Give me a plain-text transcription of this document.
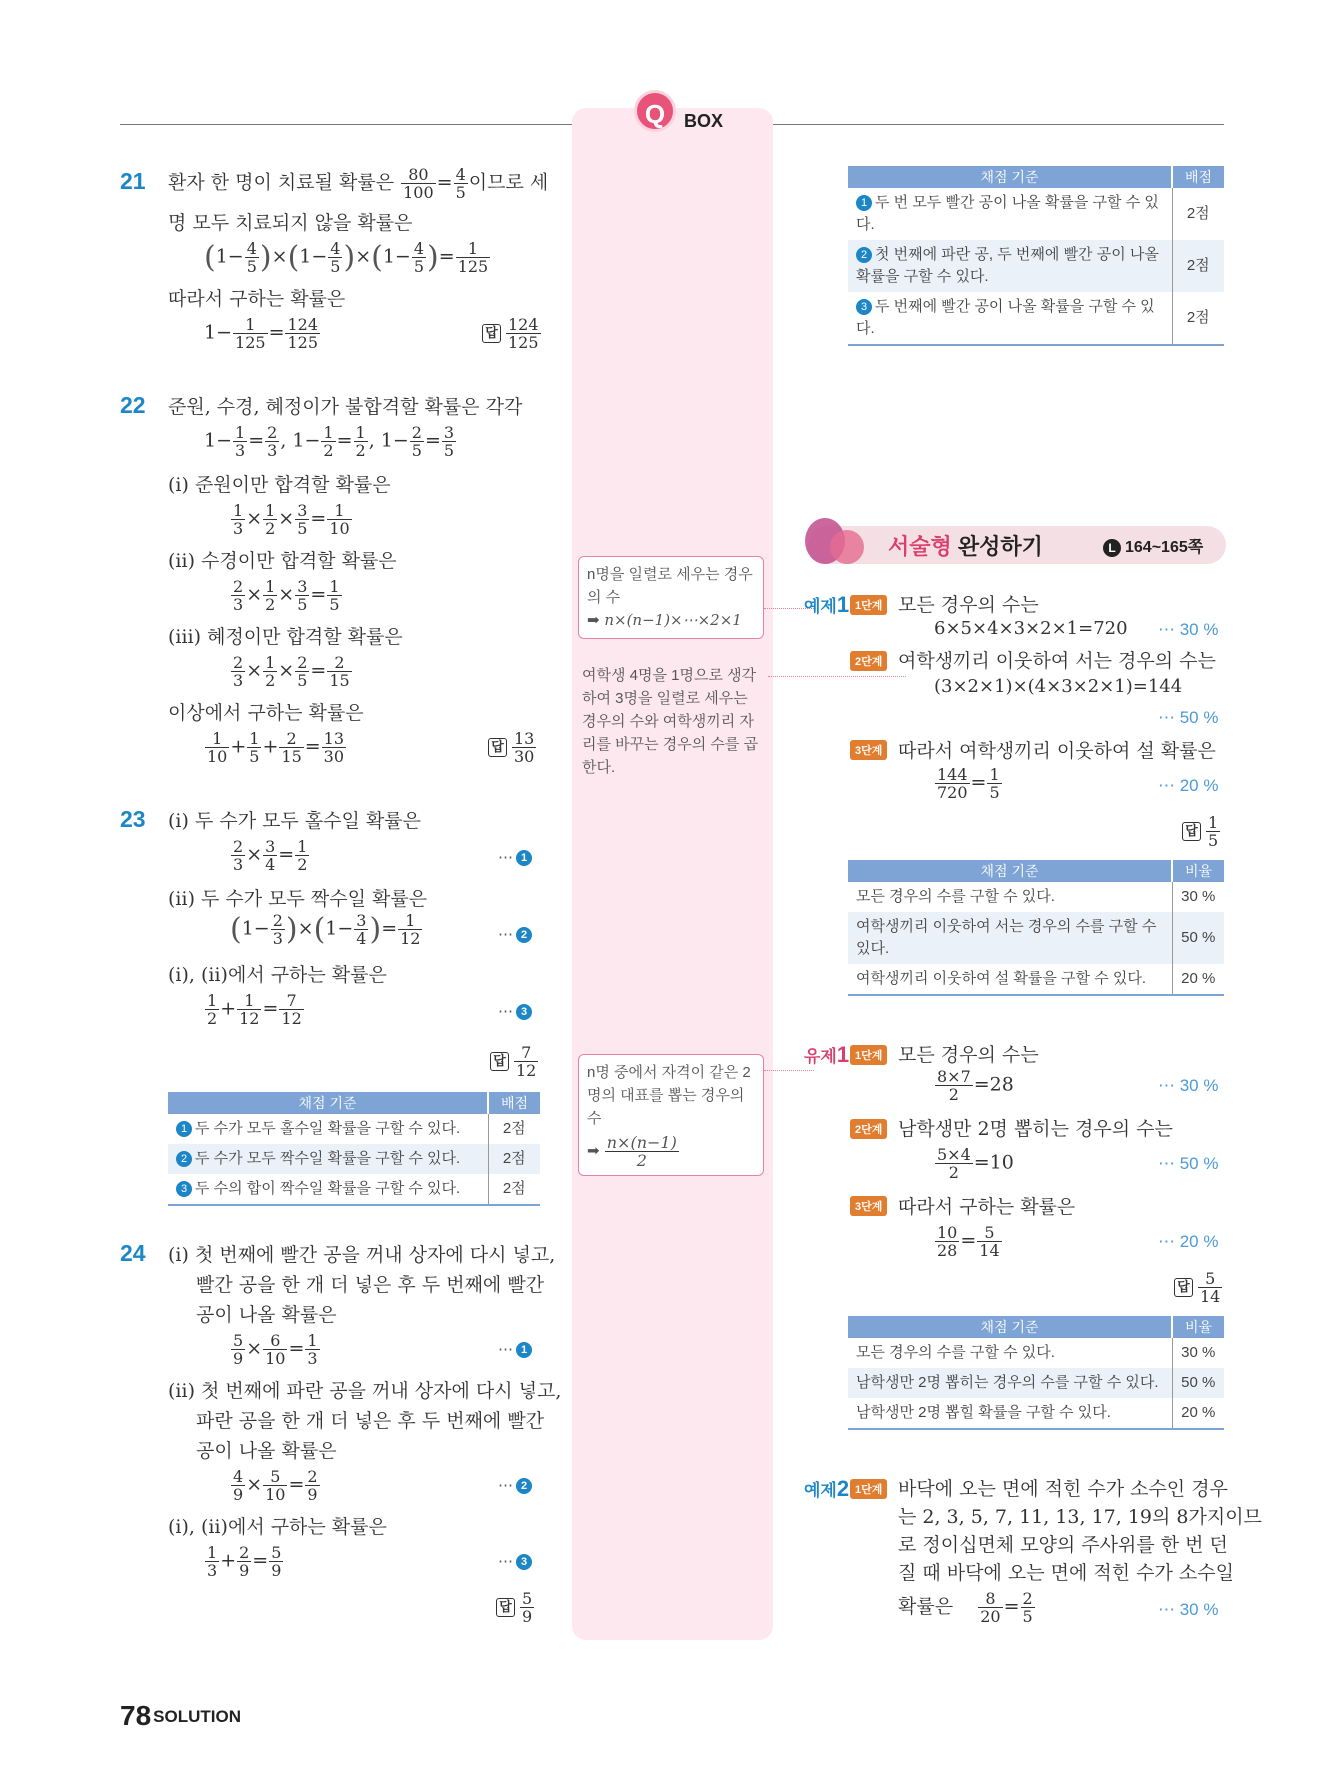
Q	BOX
21 환자 한 명이 치료될 확률은 $\frac{80}{100} = \frac{4}{5}$ 이므로 세
명 모두 치료되지 않을 확률은
$(1- \frac{4}{5} )\times(1- \frac{4}{5} )\times(1- \frac{4}{5}$ )= $\frac{1}{125}$
따라서 구하는 확률은
$1- \frac{1}{125} = \frac{124}{125}$	답 $\frac{124}{125}$
22 준원, 수경, 혜정이가 불합격할 확률은 각각
$1- \frac{1}{3} = \frac{2}{3}$ , $1- \frac{1}{2} = \frac{1}{2}$ , $1- \frac{2}{5} = \frac{3}{5}$
(ⅰ) 준원이만 합격할 확률은
$\frac{1}{3} \times \frac{1}{2} \times \frac{3}{5} = \frac{1}{10}$
(ⅱ) 수경이만 합격할 확률은
$\frac{2}{3} \times \frac{1}{2} \times \frac{3}{5} = \frac{1}{5}$
(ⅲ) 혜정이만 합격할 확률은
$\frac{2}{3} \times \frac{1}{2} \times \frac{2}{5} = \frac{2}{15}$
이상에서 구하는 확률은
$\frac{1}{10} + \frac{1}{5} + \frac{2}{15} = \frac{13}{30}$	답 $\frac{13}{30}$
23 (ⅰ) 두 수가 모두 홀수일 확률은
$\frac{2}{3} \times \frac{3}{4} = \frac{1}{2}$	⋯ 1
(ⅱ) 두 수가 모두 짝수일 확률은
$(1- \frac{2}{3} )\times(1- \frac{3}{4}$ )= $\frac{1}{12}$	⋯ 2
(ⅰ), (ⅱ)에서 구하는 확률은
$\frac{1}{2} + \frac{1}{12} = \frac{7}{12}$	⋯ 3
답 $\frac{7}{12}$
채점 기준	배점
1 두 수가 모두 홀수일 확률을 구할 수 있다.	2점
2 두 수가 모두 짝수일 확률을 구할 수 있다.	2점
3 두 수의 합이 짝수일 확률을 구할 수 있다.	2점
24 (ⅰ) 첫 번째에 빨간 공을 꺼내 상자에 다시 넣고,
빨간 공을 한 개 더 넣은 후 두 번째에 빨간
공이 나올 확률은
$\frac{5}{9} \times \frac{6}{10} = \frac{1}{3}$	⋯ 1
(ⅱ) 첫 번째에 파란 공을 꺼내 상자에 다시 넣고,
파란 공을 한 개 더 넣은 후 두 번째에 빨간
공이 나올 확률은
$\frac{4}{9} \times \frac{5}{10} = \frac{2}{9}$	⋯ 2
(ⅰ), (ⅱ)에서 구하는 확률은
$\frac{1}{3} + \frac{2}{9} = \frac{5}{9}$	⋯ 3
답 $\frac{5}{9}$
n명을 일렬로 세우는 경우
의 수
➡ n×(n−1)×⋯×2×1
여학생 4명을 1명으로 생각
하여 3명을 일렬로 세우는
경우의 수와 여학생끼리 자
리를 바꾸는 경우의 수를 곱
한다.
n명 중에서 자격이 같은 2
명의 대표를 뽑는 경우의
수
➡ $\frac{n\times(n-1)}{2}$
채점 기준	배점
1 두 번 모두 빨간 공이 나올 확률을 구할 수 있다.	2점
2 첫 번째에 파란 공, 두 번째에 빨간 공이 나올 확률을 구할 수 있다.	2점
3 두 번째에 빨간 공이 나올 확률을 구할 수 있다.	2점
서술형 완성하기	L 164~165쪽
예제1 1단계 모든 경우의 수는
6×5×4×3×2×1=720 ⋯ 30 %
2단계 여학생끼리 이웃하여 서는 경우의 수는
(3×2×1)×(4×3×2×1)=144
⋯ 50 %
3단계 따라서 여학생끼리 이웃하여 설 확률은
$\frac{144}{720} = \frac{1}{5}$	⋯ 20 %
답 $\frac{1}{5}$
채점 기준	비율
모든 경우의 수를 구할 수 있다.	30 %
여학생끼리 이웃하여 서는 경우의 수를 구할 수 있다.	50 %
여학생끼리 이웃하여 설 확률을 구할 수 있다.	20 %
유제1 1단계 모든 경우의 수는
$\frac{8\times 7}{2} =28$	⋯ 30 %
2단계 남학생만 2명 뽑히는 경우의 수는
$\frac{5\times 4}{2} =10$	⋯ 50 %
3단계 따라서 구하는 확률은
$\frac{10}{28} = \frac{5}{14}$	⋯ 20 %
답 $\frac{5}{14}$
채점 기준	비율
모든 경우의 수를 구할 수 있다.	30 %
남학생만 2명 뽑히는 경우의 수를 구할 수 있다.	50 %
남학생만 2명 뽑힐 확률을 구할 수 있다.	20 %
예제2 1단계 바닥에 오는 면에 적힌 수가 소수인 경우
는 2, 3, 5, 7, 11, 13, 17, 19의 8가지이므
로 정이십면체 모양의 주사위를 한 번 던
질 때 바닥에 오는 면에 적힌 수가 소수일
확률은 $\frac{8}{20} = \frac{2}{5}$	⋯ 30 %
78 SOLUTION
